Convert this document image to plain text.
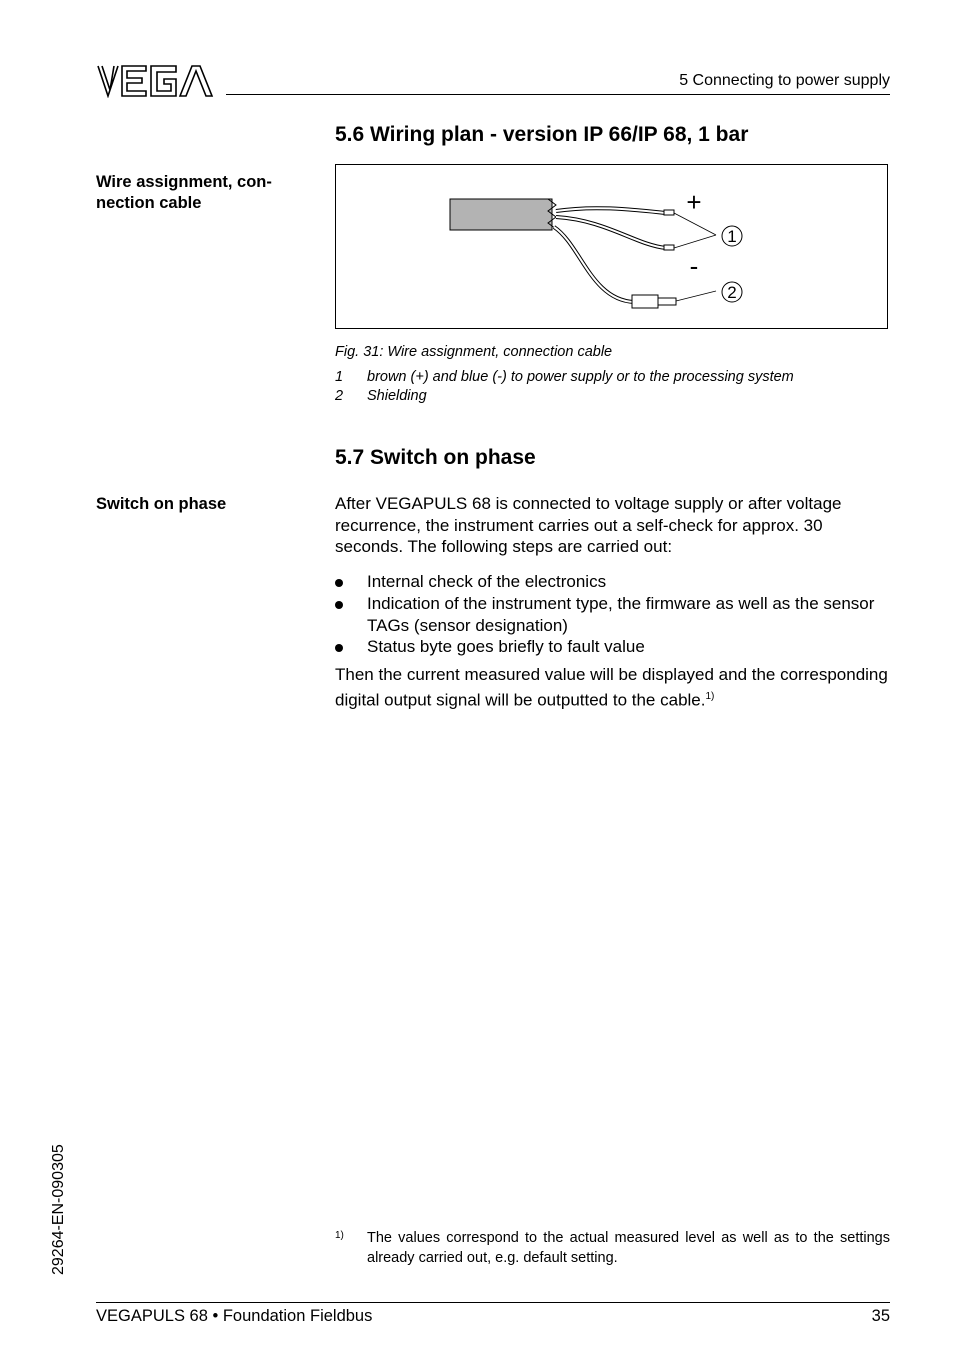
5 Connecting to power supply
5.6 Wiring plan - version IP 66/IP 68, 1 bar
Wire assignment, con-
nection cable
1
2
+
-
Fig. 31: Wire assignment, connection cable
1 brown (+) and blue (-) to power supply or to the processing system
2 Shielding
5.7 Switch on phase
Switch on phase	After VEGAPULS 68 is connected to voltage supply or after voltage recurrence, the instrument carries out a self-check for approx. 30 seconds. The following steps are carried out:
Internal check of the electronics
Indication of the instrument type, the firmware as well as the sensor TAGs (sensor designation)
Status byte goes briefly to fault value
Then the current measured value will be displayed and the corresponding digital output signal will be outputted to the cable.$^{1)}$
29264-EN-090305	1) The values correspond to the actual measured level as well as to the settings already carried out, e.g. default setting.
VEGAPULS 68 • Foundation Fieldbus	35
